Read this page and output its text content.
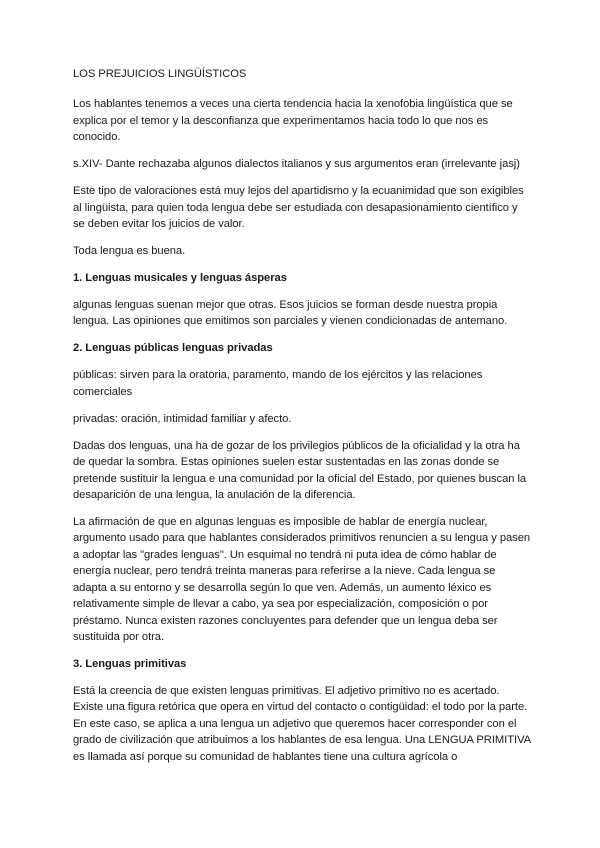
LOS PREJUICIOS LINGÜÍSTICOS

Los hablantes tenemos a veces una cierta tendencia hacia la xenofobia lingüística que se explica por el temor y la desconfianza que experimentamos hacia todo lo que nos es conocido.

s.XIV- Dante rechazaba algunos dialectos italianos y sus argumentos eran (irrelevante jasj)

Este tipo de valoraciones está muy lejos del apartidismo y la ecuanimidad que son exigibles al lingüista, para quien toda lengua debe ser estudiada con desapasionamiento científico y se deben evitar los juicios de valor.

Toda lengua es buena.

1. Lenguas musicales y lenguas ásperas

algunas lenguas suenan mejor que otras. Esos juicios se forman desde nuestra propia lengua. Las opiniones que emitimos son parciales y vienen condicionadas de antemano.

2. Lenguas públicas lenguas privadas

públicas: sirven para la oratoria, paramento, mando de los ejércitos y las relaciones comerciales

privadas: oración, intimidad familiar y afecto.

Dadas dos lenguas, una ha de gozar de los privilegios públicos de la oficialidad y la otra ha de quedar la sombra. Estas opiniones suelen estar sustentadas en las zonas donde se pretende sustituir la lengua e una comunidad por la oficial del Estado, por quienes buscan la desaparición de una lengua, la anulación de la diferencia.

La afirmación de que en algunas lenguas es imposible de hablar de energía nuclear, argumento usado para que hablantes considerados primitivos renuncien a su lengua y pasen a adoptar las "grades lenguas". Un esquimal no tendrá ni puta idea de cómo hablar de energía nuclear, pero tendrá treinta maneras para referirse a la nieve. Cada lengua se adapta a su entorno y se desarrolla según lo que ven. Además, un aumento léxico es relativamente simple de llevar a cabo, ya sea por especialización, composición o por préstamo. Nunca existen razones concluyentes para defender que un lengua deba ser sustituida por otra.

3. Lenguas primitivas

Está la creencia de que existen lenguas primitivas. El adjetivo primitivo no es acertado. Existe una figura retórica que opera en virtud del contacto o contigüidad: el todo por la parte. En este caso, se aplica a una lengua un adjetivo que queremos hacer corresponder con el grado de civilización que atribuimos a los hablantes de esa lengua. Una LENGUA PRIMITIVA es llamada así porque su comunidad de hablantes tiene una cultura agrícola o
